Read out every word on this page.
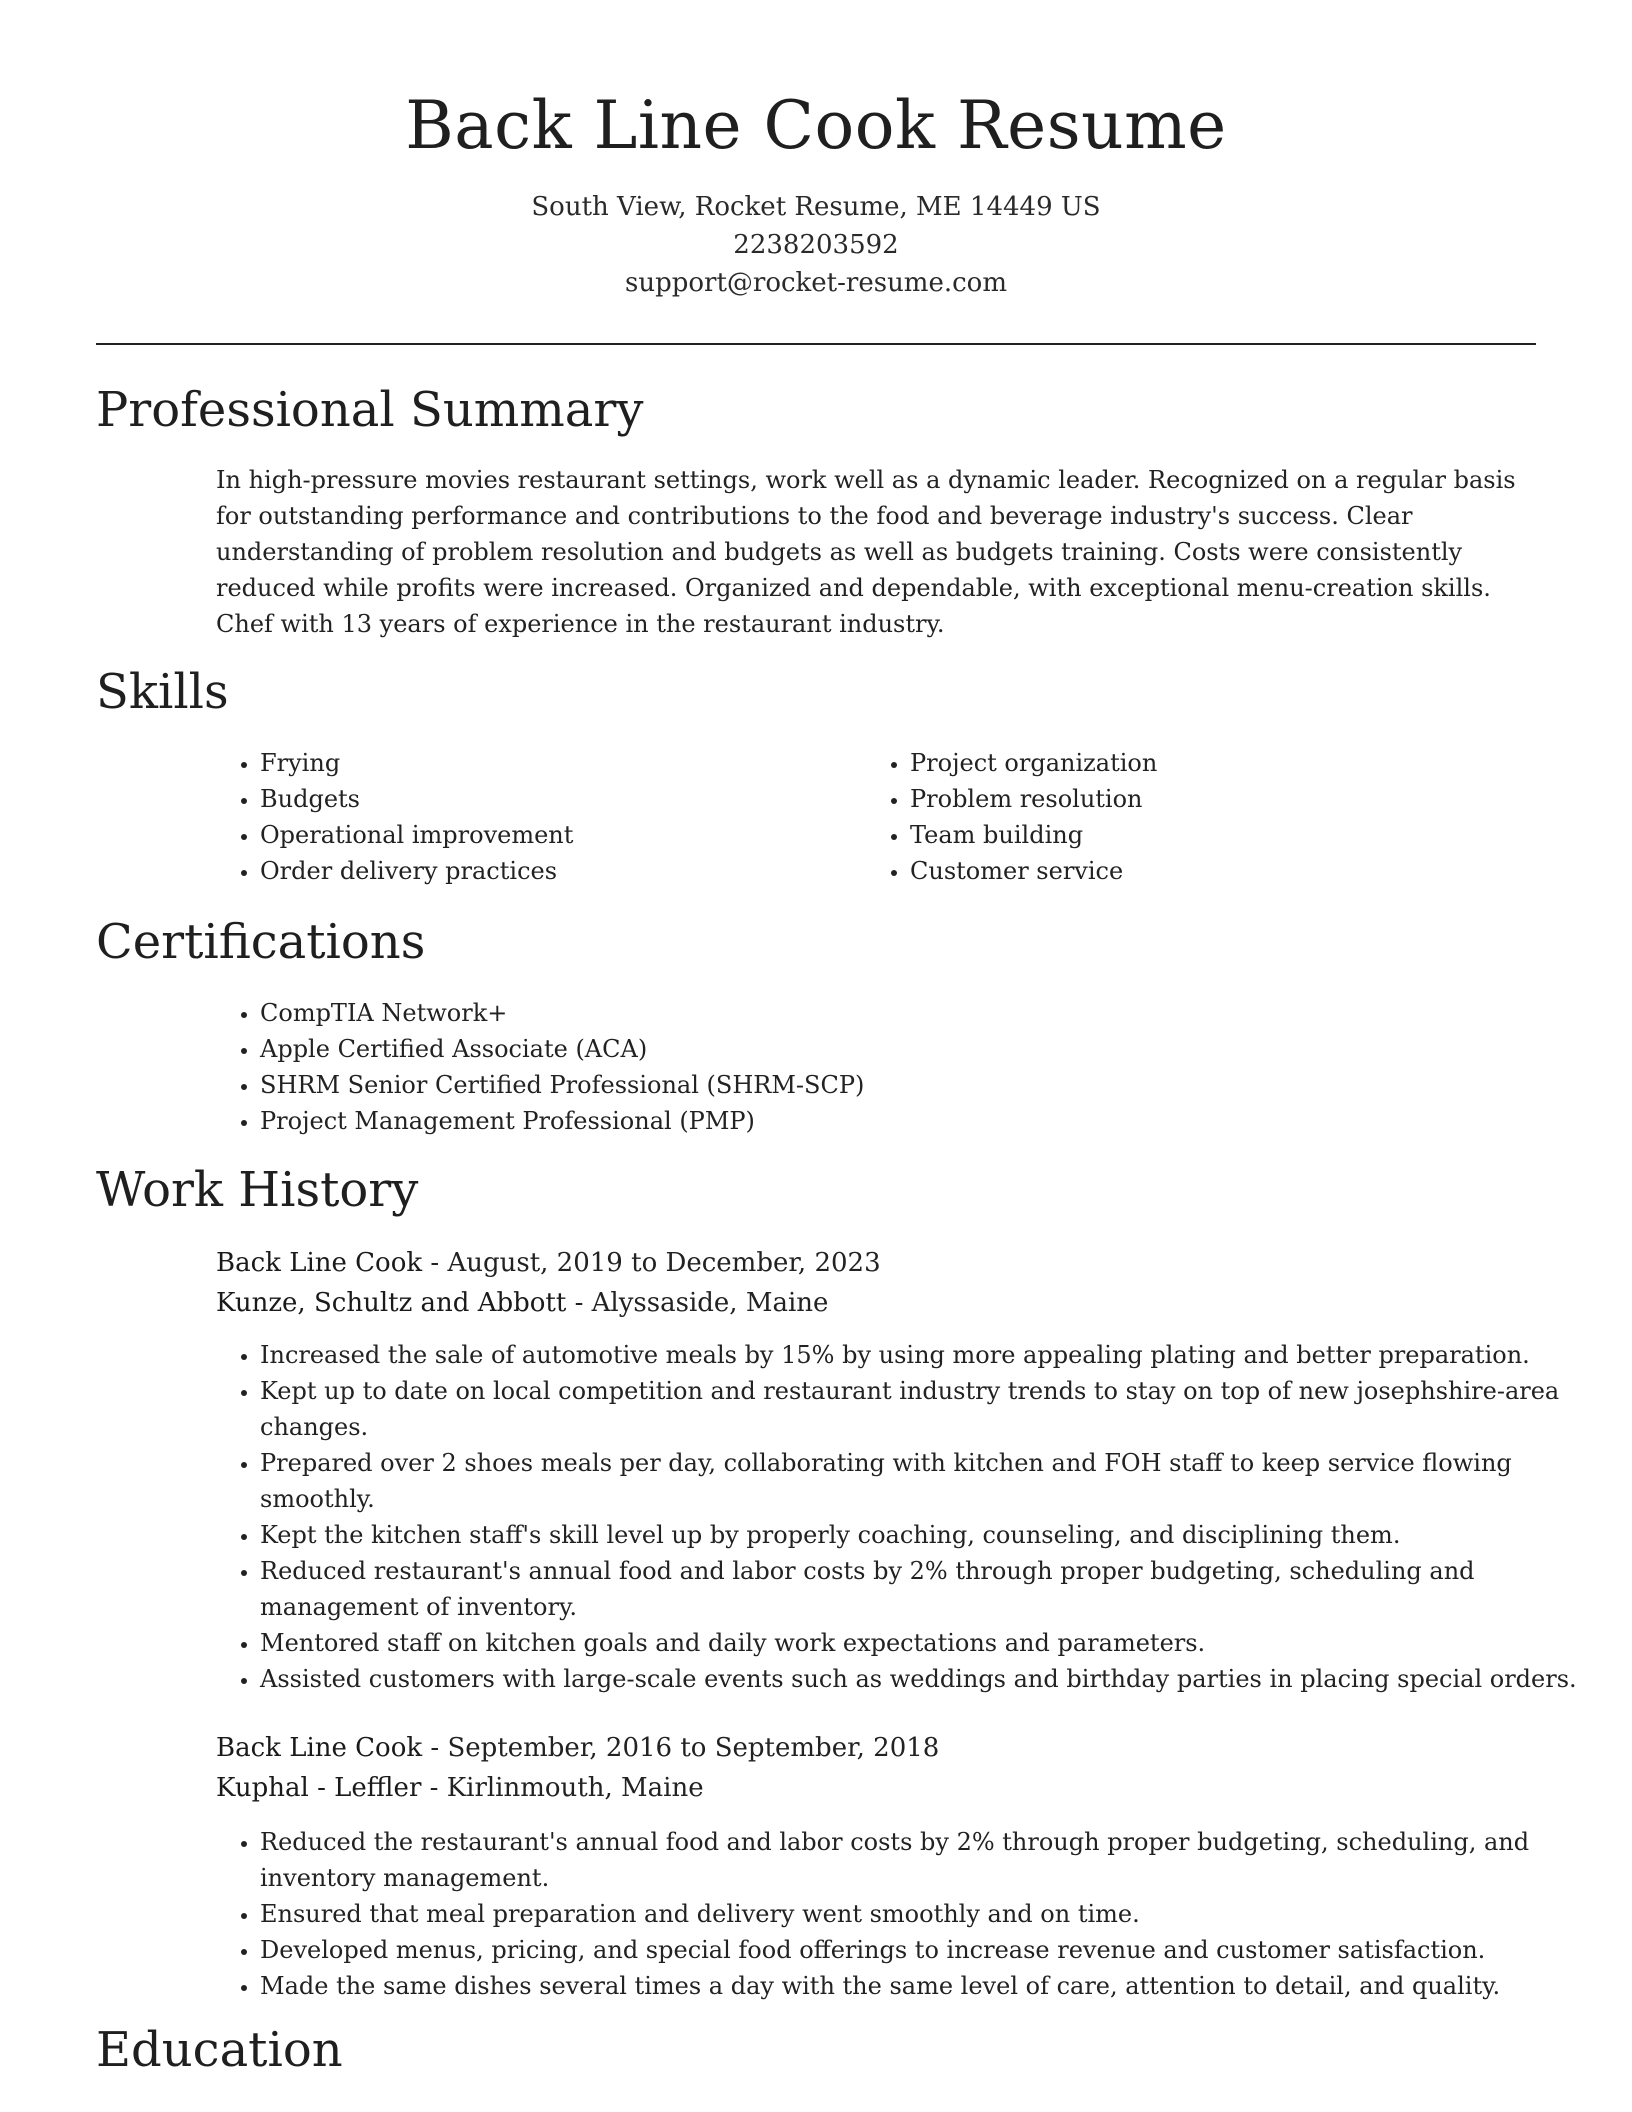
Back Line Cook Resume
South View, Rocket Resume, ME 14449 US
2238203592
support@rocket-resume.com
Professional Summary

In high-pressure movies restaurant settings, work well as a dynamic leader. Recognized on a regular basis for outstanding performance and contributions to the food and beverage industry's success. Clear understanding of problem resolution and budgets as well as budgets training. Costs were consistently reduced while profits were increased. Organized and dependable, with exceptional menu-creation skills. Chef with 13 years of experience in the restaurant industry.

Skills
• Frying
• Budgets
• Operational improvement
• Order delivery practices
• Project organization
• Problem resolution
• Team building
• Customer service
Certifications
• CompTIA Network+
• Apple Certified Associate (ACA)
• SHRM Senior Certified Professional (SHRM-SCP)
• Project Management Professional (PMP)
Work History
Back Line Cook - August, 2019 to December, 2023
Kunze, Schultz and Abbott - Alyssaside, Maine
• Increased the sale of automotive meals by 15% by using more appealing plating and better preparation.
• Kept up to date on local competition and restaurant industry trends to stay on top of new josephshire-area changes.
• Prepared over 2 shoes meals per day, collaborating with kitchen and FOH staff to keep service flowing smoothly.
• Kept the kitchen staff's skill level up by properly coaching, counseling, and disciplining them.
• Reduced restaurant's annual food and labor costs by 2% through proper budgeting, scheduling and management of inventory.
• Mentored staff on kitchen goals and daily work expectations and parameters.
• Assisted customers with large-scale events such as weddings and birthday parties in placing special orders.
Back Line Cook - September, 2016 to September, 2018
Kuphal - Leffler - Kirlinmouth, Maine
• Reduced the restaurant's annual food and labor costs by 2% through proper budgeting, scheduling, and inventory management.
• Ensured that meal preparation and delivery went smoothly and on time.
• Developed menus, pricing, and special food offerings to increase revenue and customer satisfaction.
• Made the same dishes several times a day with the same level of care, attention to detail, and quality.
Education
